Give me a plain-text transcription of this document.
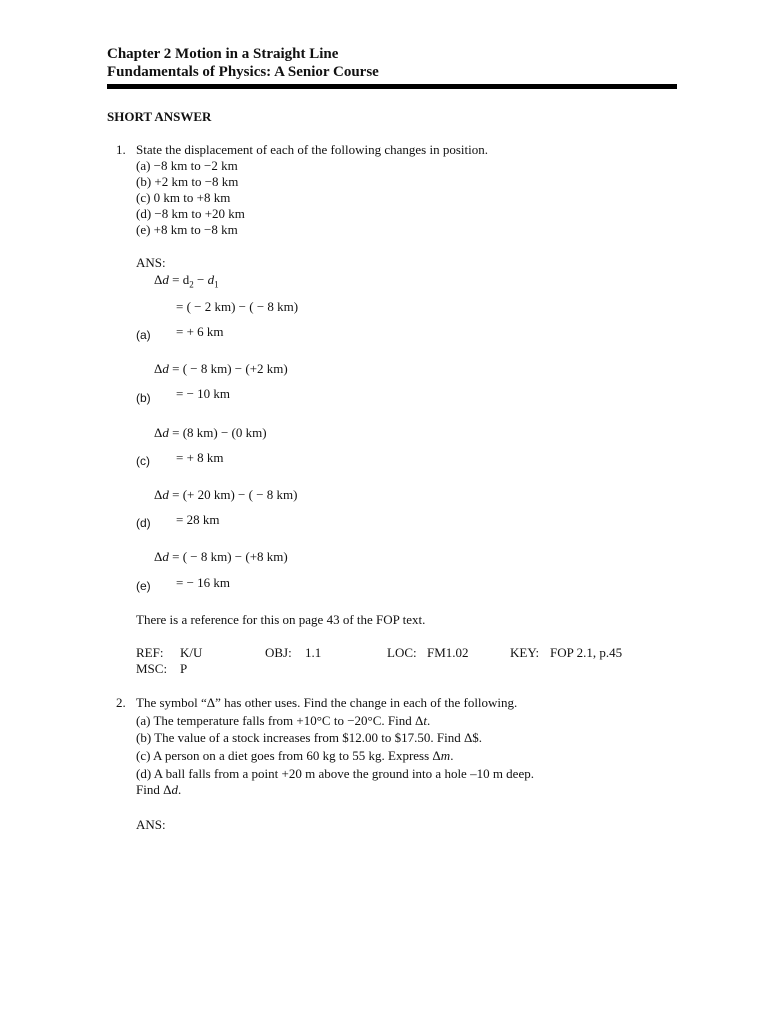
Chapter 2 Motion in a Straight Line
Fundamentals of Physics: A Senior Course
SHORT ANSWER
1. State the displacement of each of the following changes in position.
(a) −8 km to −2 km
(b) +2 km to −8 km
(c) 0 km to +8 km
(d) −8 km to +20 km
(e) +8 km to −8 km
ANS:
$\Delta d = d_2 - d_1$
= ( − 2 km) − ( − 8 km)
= + 6 km
(a)
Δd = ( − 8 km) − (+2 km)
= − 10 km
(b)
Δd = (8 km) − (0 km)
= + 8 km
(c)
Δd = (+ 20 km) − ( − 8 km)
= 28 km
(d)
Δd = ( − 8 km) − (+8 km)
= − 16 km
(e)
There is a reference for this on page 43 of the FOP text.
REF: K/U	OBJ: 1.1	LOC: FM1.02	KEY: FOP 2.1, p.45
MSC: P
2. The symbol “Δ” has other uses. Find the change in each of the following.
(a) The temperature falls from +10°C to −20°C. Find Δt.
(b) The value of a stock increases from $12.00 to $17.50. Find Δ$.
(c) A person on a diet goes from 60 kg to 55 kg. Express Δm.
(d) A ball falls from a point +20 m above the ground into a hole –10 m deep.
Find Δd.
ANS:
